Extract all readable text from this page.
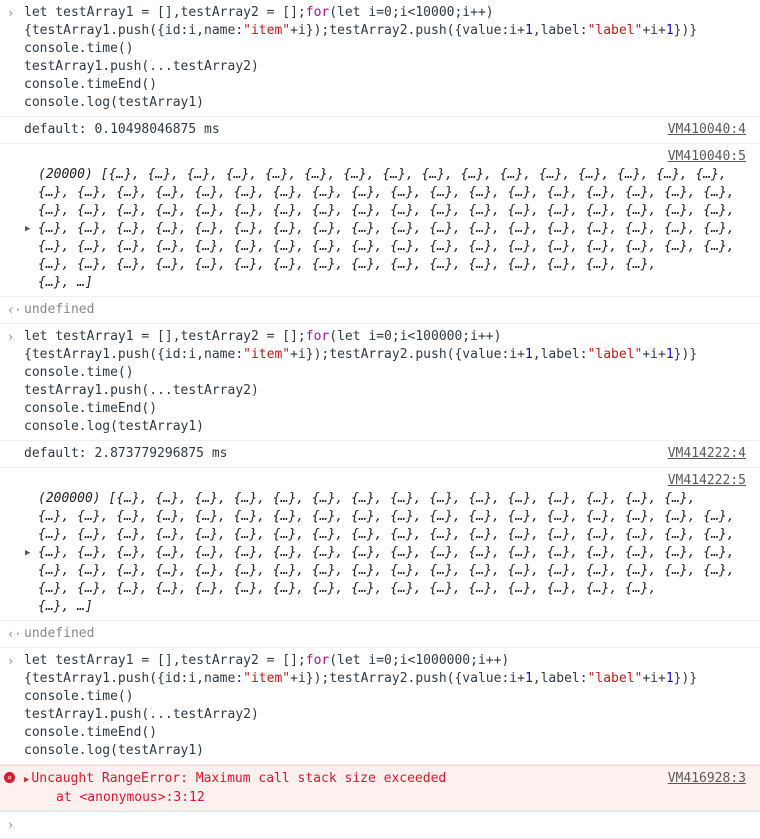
› let testArray1 = [],testArray2 = [];for(let i=0;i<10000;i++)
{testArray1.push({id:i,name:"item"+i});testArray2.push({value:i+1,label:"label"+i+1})}
console.time()
testArray1.push(...testArray2)
console.timeEnd()
console.log(testArray1)
default: 0.10498046875 ms	VM410040:4
VM410040:5
▶
(20000) [{…}, {…}, {…}, {…}, {…}, {…}, {…}, {…}, {…}, {…}, {…}, {…}, {…}, {…}, {…}, {…},
{…}, {…}, {…}, {…}, {…}, {…}, {…}, {…}, {…}, {…}, {…}, {…}, {…}, {…}, {…}, {…}, {…}, {…},
{…}, {…}, {…}, {…}, {…}, {…}, {…}, {…}, {…}, {…}, {…}, {…}, {…}, {…}, {…}, {…}, {…}, {…},
{…}, {…}, {…}, {…}, {…}, {…}, {…}, {…}, {…}, {…}, {…}, {…}, {…}, {…}, {…}, {…}, {…}, {…},
{…}, {…}, {…}, {…}, {…}, {…}, {…}, {…}, {…}, {…}, {…}, {…}, {…}, {…}, {…}, {…}, {…}, {…},
{…}, {…}, {…}, {…}, {…}, {…}, {…}, {…}, {…}, {…}, {…}, {…}, {…}, {…}, {…}, {…},
{…}, …]
‹· undefined
› let testArray1 = [],testArray2 = [];for(let i=0;i<100000;i++)
{testArray1.push({id:i,name:"item"+i});testArray2.push({value:i+1,label:"label"+i+1})}
console.time()
testArray1.push(...testArray2)
console.timeEnd()
console.log(testArray1)
default: 2.873779296875 ms	VM414222:4
VM414222:5
▶
(200000) [{…}, {…}, {…}, {…}, {…}, {…}, {…}, {…}, {…}, {…}, {…}, {…}, {…}, {…}, {…},
{…}, {…}, {…}, {…}, {…}, {…}, {…}, {…}, {…}, {…}, {…}, {…}, {…}, {…}, {…}, {…}, {…}, {…},
{…}, {…}, {…}, {…}, {…}, {…}, {…}, {…}, {…}, {…}, {…}, {…}, {…}, {…}, {…}, {…}, {…}, {…},
{…}, {…}, {…}, {…}, {…}, {…}, {…}, {…}, {…}, {…}, {…}, {…}, {…}, {…}, {…}, {…}, {…}, {…},
{…}, {…}, {…}, {…}, {…}, {…}, {…}, {…}, {…}, {…}, {…}, {…}, {…}, {…}, {…}, {…}, {…}, {…},
{…}, {…}, {…}, {…}, {…}, {…}, {…}, {…}, {…}, {…}, {…}, {…}, {…}, {…}, {…}, {…},
{…}, …]
‹· undefined
› let testArray1 = [],testArray2 = [];for(let i=0;i<1000000;i++)
{testArray1.push({id:i,name:"item"+i});testArray2.push({value:i+1,label:"label"+i+1})}
console.time()
testArray1.push(...testArray2)
console.timeEnd()
console.log(testArray1)
✕	▶ Uncaught RangeError: Maximum call stack size exceeded	VM416928:3
at <anonymous>:3:12
›
